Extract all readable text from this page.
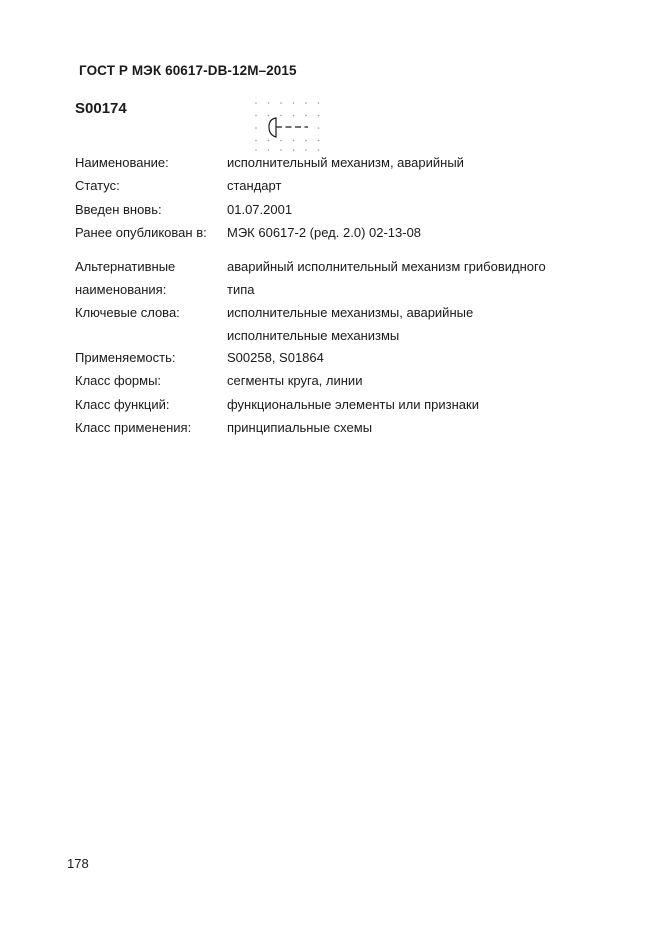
ГОСТ Р МЭК 60617-DB-12M–2015
S00174
Наименование:	исполнительный механизм, аварийный
Статус:	стандарт
Введен вновь:	01.07.2001
Ранее опубликован в: МЭК 60617-2 (ред. 2.0) 02-13-08
Альтернативные	аварийный исполнительный механизм грибовидного
наименования:	типа
Ключевые слова:	исполнительные механизмы, аварийные
исполнительные механизмы
Применяемость:	S00258, S01864
Класс формы:	сегменты круга, линии
Класс функций:	функциональные элементы или признаки
Класс применения:	принципиальные схемы
178
